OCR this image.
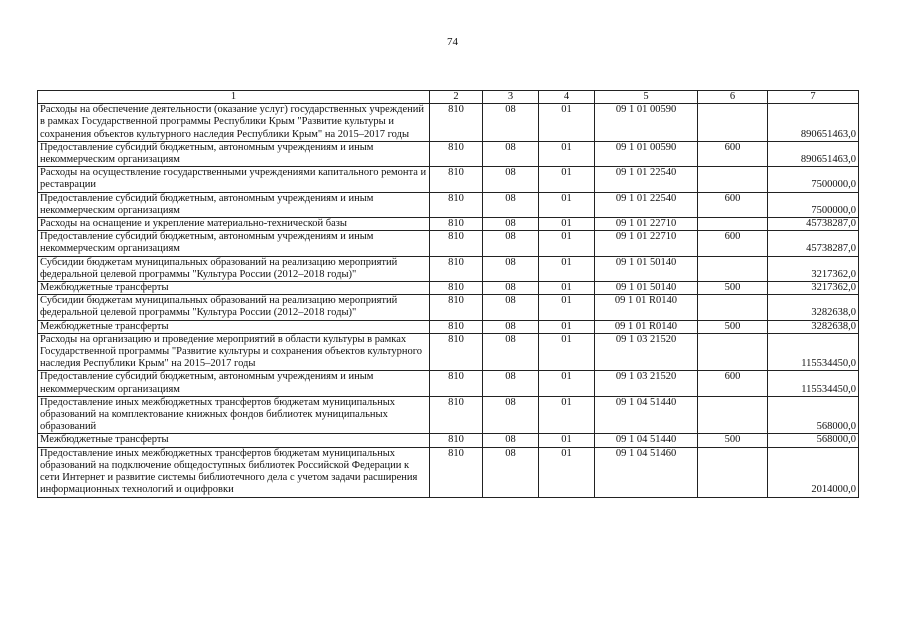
74
1	2	3	4	5	6	7
Расходы на обеспечение деятельности (оказание услуг) государственных учреждений в рамках Государственной программы Республики Крым "Развитие культуры и сохранения объектов культурного наследия Республики Крым" на 2015–2017 годы	810	08	01	09 1 01 00590		890651463,0
Предоставление субсидий бюджетным, автономным учреждениям и иным некоммерческим организациям	810	08	01	09 1 01 00590	600	890651463,0
Расходы на осуществление государственными учреждениями капитального ремонта и реставрации	810	08	01	09 1 01 22540		7500000,0
Предоставление субсидий бюджетным, автономным учреждениям и иным некоммерческим организациям	810	08	01	09 1 01 22540	600	7500000,0
Расходы на оснащение и укрепление материально-технической базы	810	08	01	09 1 01 22710		45738287,0
Предоставление субсидий бюджетным, автономным учреждениям и иным некоммерческим организациям	810	08	01	09 1 01 22710	600	45738287,0
Субсидии бюджетам муниципальных образований на реализацию мероприятий федеральной целевой программы "Культура России (2012–2018 годы)"	810	08	01	09 1 01 50140		3217362,0
Межбюджетные трансферты	810	08	01	09 1 01 50140	500	3217362,0
Субсидии бюджетам муниципальных образований на реализацию мероприятий федеральной целевой программы "Культура России (2012–2018 годы)"	810	08	01	09 1 01 R0140		3282638,0
Межбюджетные трансферты	810	08	01	09 1 01 R0140	500	3282638,0
Расходы на организацию и проведение мероприятий в области культуры в рамках Государственной программы "Развитие культуры и сохранения объектов культурного наследия Республики Крым" на 2015–2017 годы	810	08	01	09 1 03 21520		115534450,0
Предоставление субсидий бюджетным, автономным учреждениям и иным некоммерческим организациям	810	08	01	09 1 03 21520	600	115534450,0
Предоставление иных межбюджетных трансфертов бюджетам муниципальных образований на комплектование книжных фондов библиотек муниципальных образований	810	08	01	09 1 04 51440		568000,0
Межбюджетные трансферты	810	08	01	09 1 04 51440	500	568000,0
Предоставление иных межбюджетных трансфертов бюджетам муниципальных образований на подключение общедоступных библиотек Российской Федерации к сети Интернет и развитие системы библиотечного дела с учетом задачи расширения информационных технологий и оцифровки	810	08	01	09 1 04 51460		2014000,0
